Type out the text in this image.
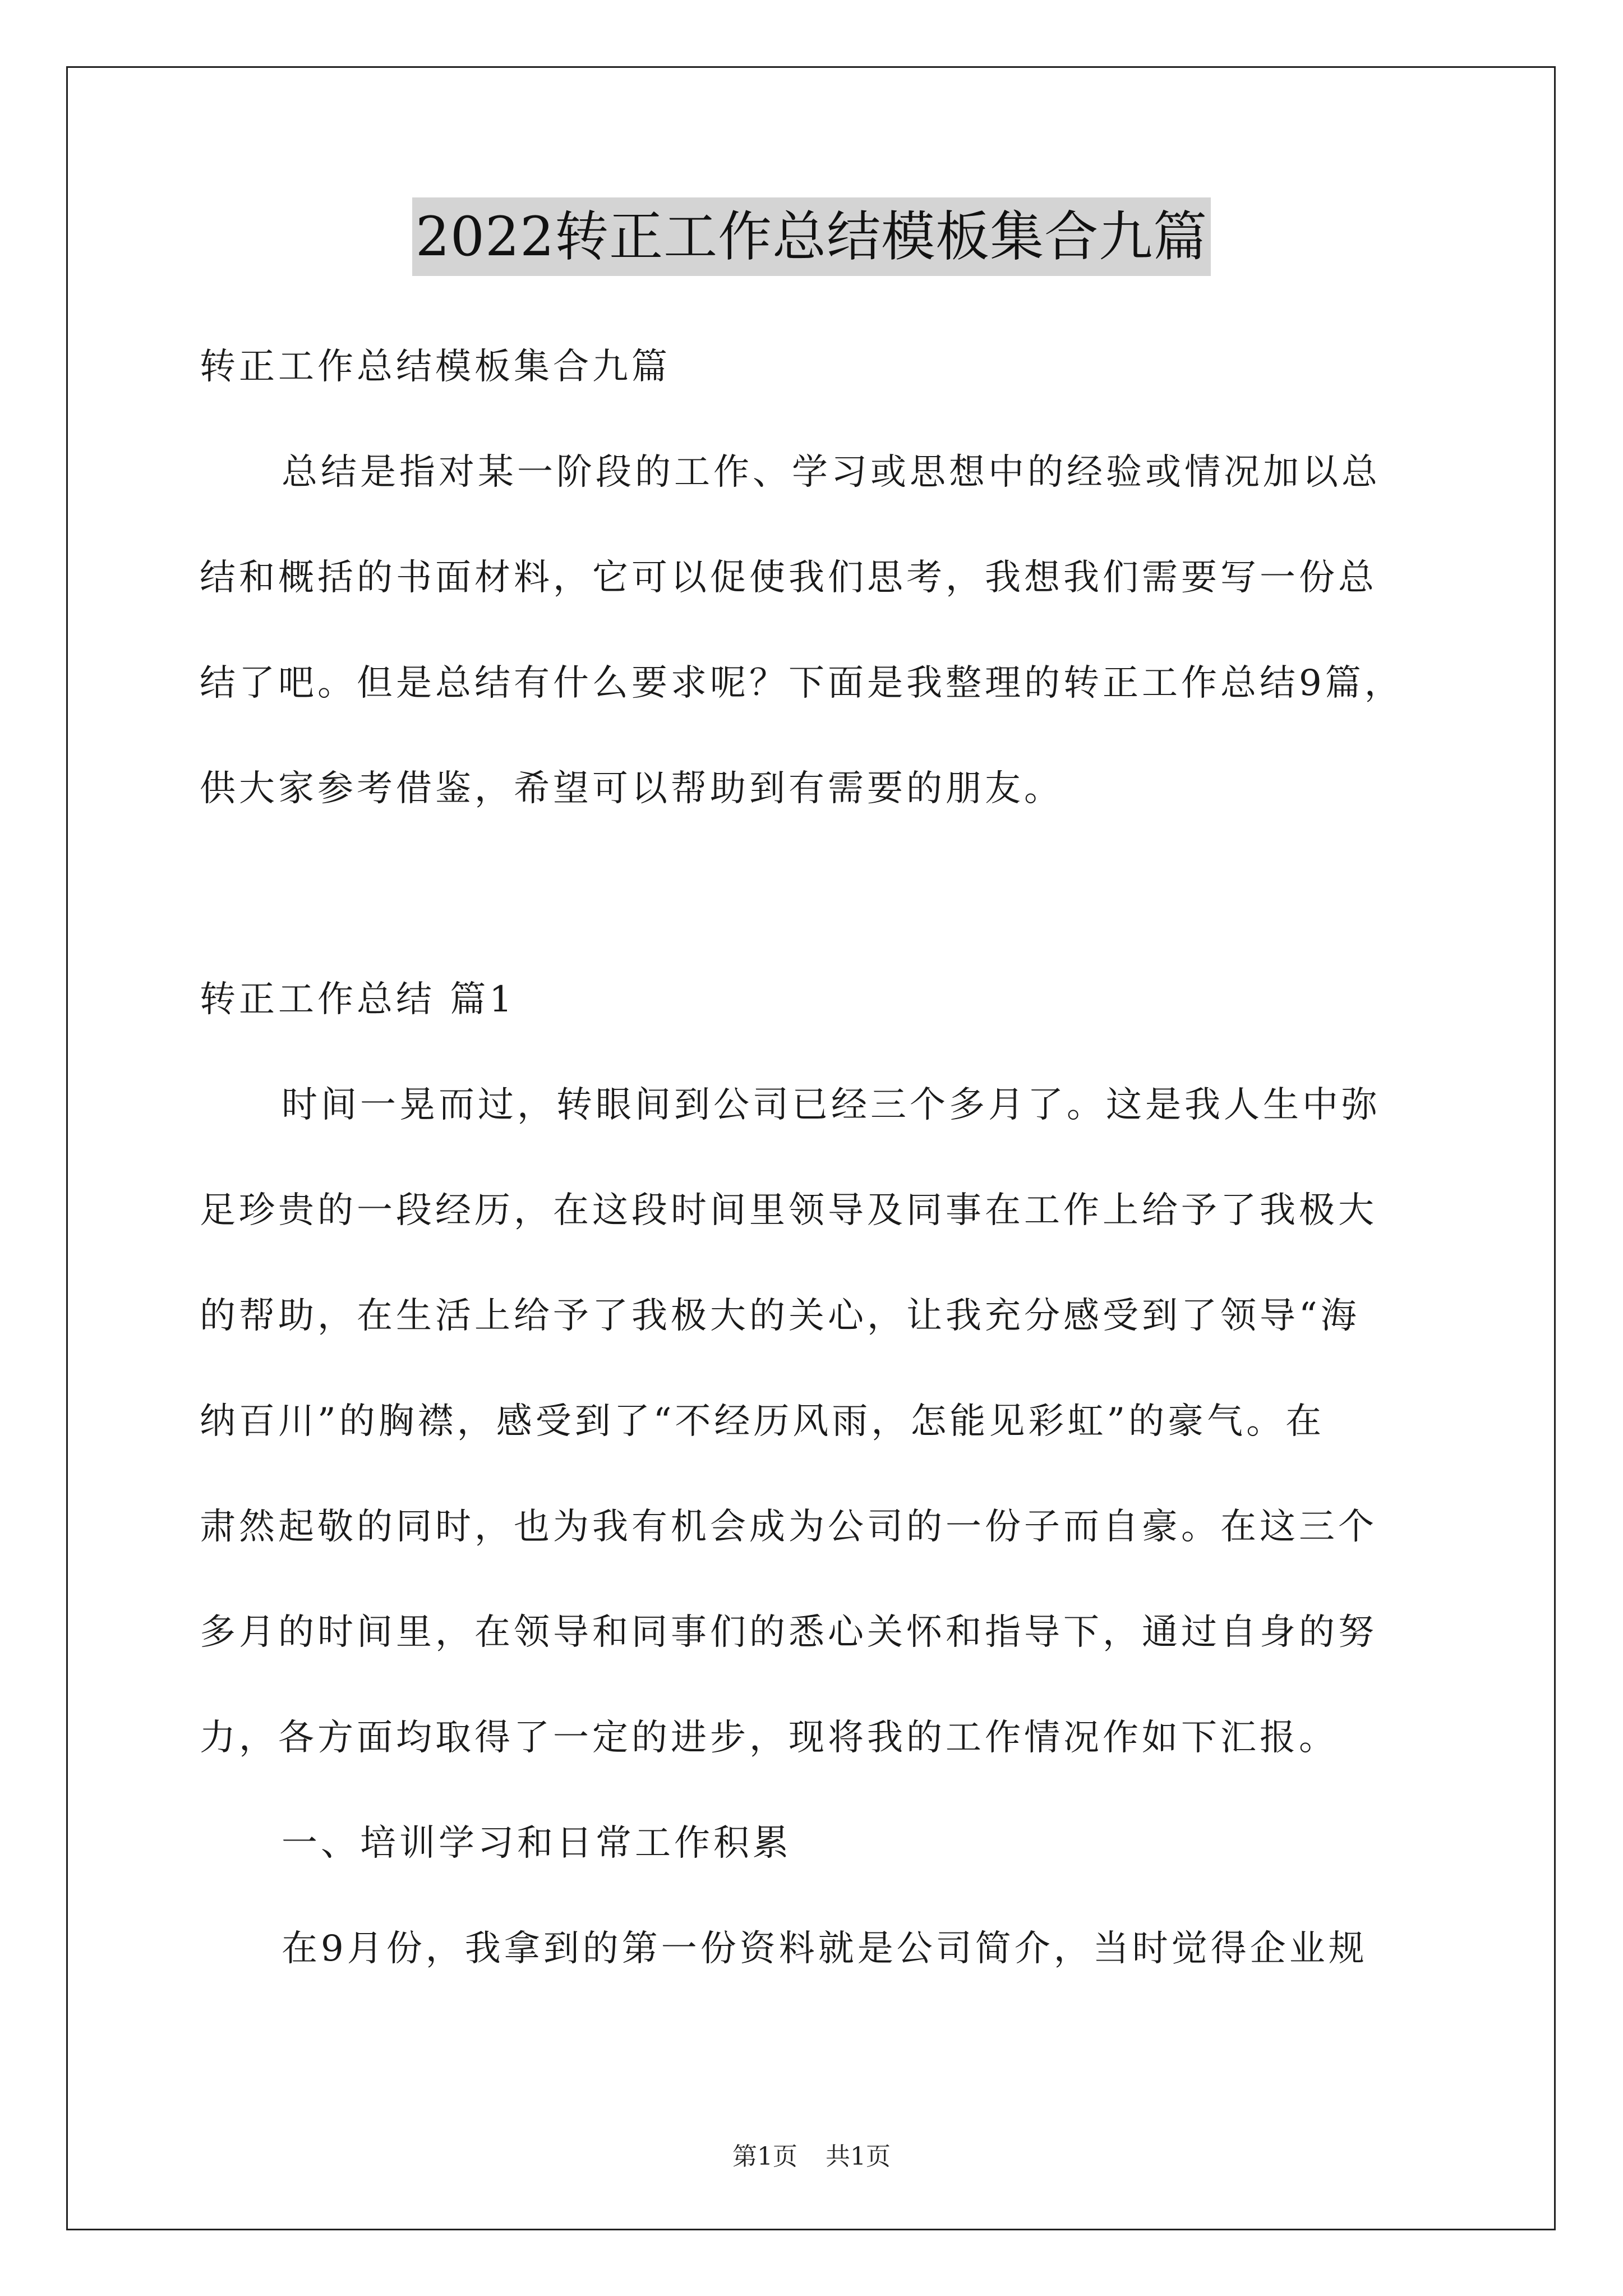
2022转正工作总结模板集合九篇
转正工作总结模板集合九篇
总结是指对某一阶段的工作、学习或思想中的经验或情况加以总
结和概括的书面材料，它可以促使我们思考，我想我们需要写一份总
结了吧。但是总结有什么要求呢？下面是我整理的转正工作总结9篇，
供大家参考借鉴，希望可以帮助到有需要的朋友。
转正工作总结 篇1
时间一晃而过，转眼间到公司已经三个多月了。这是我人生中弥
足珍贵的一段经历，在这段时间里领导及同事在工作上给予了我极大
的帮助，在生活上给予了我极大的关心，让我充分感受到了领导“海
纳百川”的胸襟，感受到了“不经历风雨，怎能见彩虹”的豪气。在
肃然起敬的同时，也为我有机会成为公司的一份子而自豪。在这三个
多月的时间里，在领导和同事们的悉心关怀和指导下，通过自身的努
力，各方面均取得了一定的进步，现将我的工作情况作如下汇报。
一、培训学习和日常工作积累
在9月份，我拿到的第一份资料就是公司简介，当时觉得企业规
第1页 共1页
